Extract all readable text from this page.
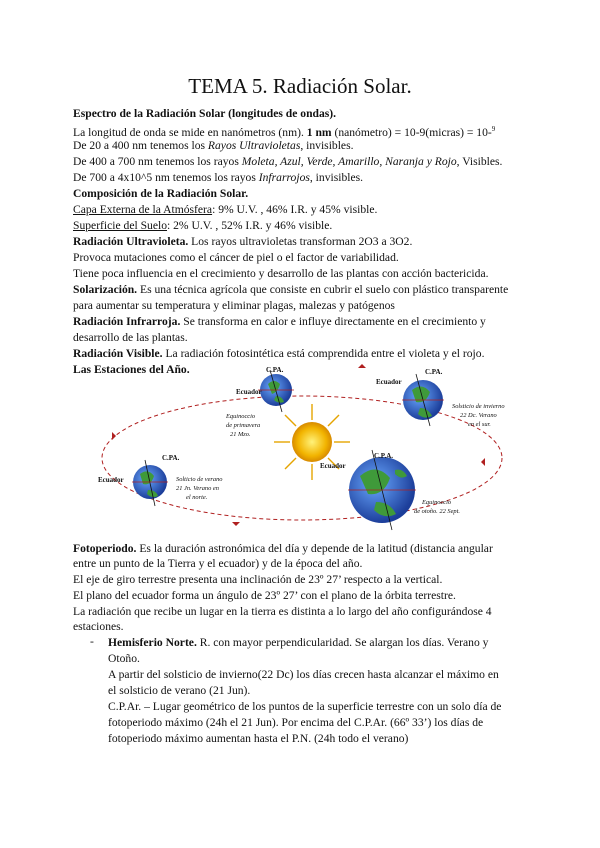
TEMA 5. Radiación Solar.
Espectro de la Radiación Solar (longitudes de ondas).
La longitud de onda se mide en nanómetros (nm). 1 nm (nanómetro) = 10-9(micras) = 10-$^9$
De 20 a 400 nm tenemos los Rayos Ultravioletas, invisibles.
De 400 a 700 nm tenemos los rayos Moleta, Azul, Verde, Amarillo, Naranja y Rojo, Visibles.
De 700 a 4x10^5 nm tenemos los rayos Infrarrojos, invisibles.
Composición de la Radiación Solar.
Capa Externa de la Atmósfera: 9% U.V. , 46% I.R. y 45% visible.
Superficie del Suelo: 2% U.V. , 52% I.R. y 46% visible.
Radiación Ultravioleta. Los rayos ultravioletas transforman 2O3 a 3O2.
Provoca mutaciones como el cáncer de piel o el factor de variabilidad.
Tiene poca influencia en el crecimiento y desarrollo de las plantas con acción bactericida.
Solarización. Es una técnica agrícola que consiste en cubrir el suelo con plástico transparente
para aumentar su temperatura y eliminar plagas, malezas y patógenos
Radiación Infrarroja. Se transforma en calor e influye directamente en el crecimiento y
desarrollo de las plantas.
Radiación Visible. La radiación fotosintética está comprendida entre el violeta y el rojo.
Las Estaciones del Año.	C.PA.
Ecuador
Equinoccio
de primavera
21 Mzo.
C.PA.
Ecuador
Solsticio de invierno
22 Dc. Verano
en el sur.
C.PA.
Ecuador	Solticio de verano
21 Jn. Verano en
el norte.
C.P.A.
Ecuador
Equinoccio
de otoño. 22 Sept.
Fotoperiodo. Es la duración astronómica del día y depende de la latitud (distancia angular
entre un punto de la Tierra y el ecuador) y de la época del año.
El eje de giro terrestre presenta una inclinación de 23º 27’ respecto a la vertical.
El plano del ecuador forma un ángulo de 23º 27’ con el plano de la órbita terrestre.
La radiación que recibe un lugar en la tierra es distinta a lo largo del año configurándose 4
estaciones.
- Hemisferio Norte. R. con mayor perpendicularidad. Se alargan los días. Verano y
Otoño.
A partir del solsticio de invierno(22 Dc) los días crecen hasta alcanzar el máximo en
el solsticio de verano (21 Jun).
C.P.Ar. – Lugar geométrico de los puntos de la superficie terrestre con un solo día de
fotoperiodo máximo (24h el 21 Jun). Por encima del C.P.Ar. (66º 33’) los días de
fotoperiodo máximo aumentan hasta el P.N. (24h todo el verano)
